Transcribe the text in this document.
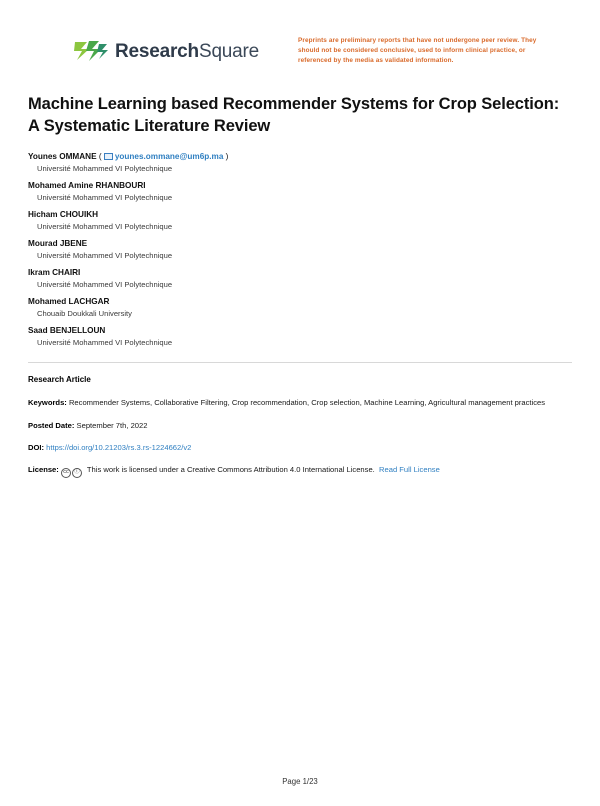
ResearchSquare
Preprints are preliminary reports that have not undergone peer review. They should not be considered conclusive, used to inform clinical practice, or referenced by the media as validated information.
Machine Learning based Recommender Systems for Crop Selection: A Systematic Literature Review
Younes OMMANE ( younes.ommane@um6p.ma )
Université Mohammed VI Polytechnique
Mohamed Amine RHANBOURI
Université Mohammed VI Polytechnique
Hicham CHOUIKH
Université Mohammed VI Polytechnique
Mourad JBENE
Université Mohammed VI Polytechnique
Ikram CHAIRI
Université Mohammed VI Polytechnique
Mohamed LACHGAR
Chouaib Doukkali University
Saad BENJELLOUN
Université Mohammed VI Polytechnique
Research Article
Keywords: Recommender Systems, Collaborative Filtering, Crop recommendation, Crop selection, Machine Learning, Agricultural management practices
Posted Date: September 7th, 2022
DOI: https://doi.org/10.21203/rs.3.rs-1224662/v2
License: cc ⓘ This work is licensed under a Creative Commons Attribution 4.0 International License. Read Full License
Page 1/23
